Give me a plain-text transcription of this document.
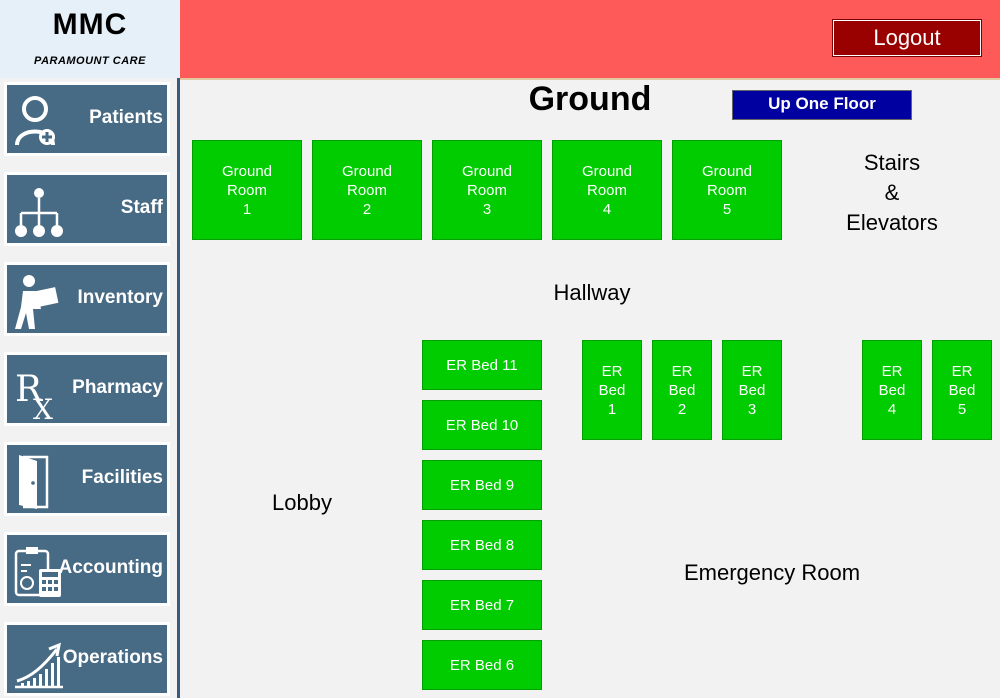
MMC
PARAMOUNT CARE
Patients
Staff
Inventory
R
X
Pharmacy
Facilities
Accounting
Operations
Logout
Ground	Up One Floor
Ground
Room
1
Ground
Room
2
Ground
Room
3
Ground
Room
4
Ground
Room
5
ER Bed 11
ER Bed 10
ER Bed 9
ER Bed 8
ER Bed 7
ER Bed 6
ER
Bed
1
ER
Bed
2
ER
Bed
3
ER
Bed
4
ER
Bed
5
Stairs
&
Elevators
Hallway
Lobby
Emergency Room
